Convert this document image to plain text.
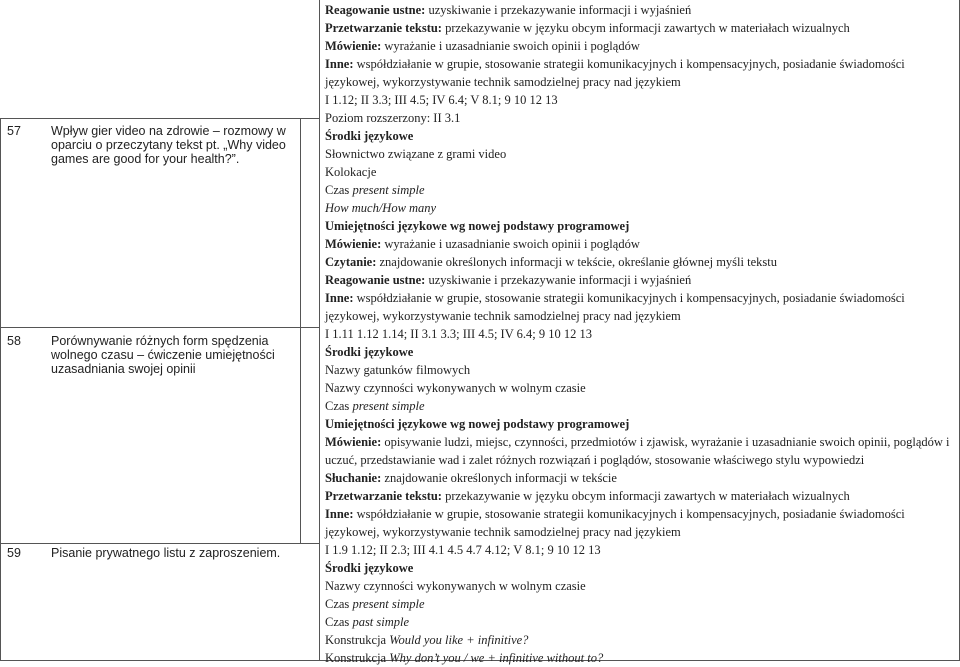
57 Wpływ gier video na zdrowie – rozmowy w oparciu o przeczytany tekst pt. „Why video games are good for your health?”.
58 Porównywanie różnych form spędzenia wolnego czasu – ćwiczenie umiejętności uzasadniania swojej opinii
59 Pisanie prywatnego listu z zaproszeniem.
Reagowanie ustne: uzyskiwanie i przekazywanie informacji i wyjaśnień
Przetwarzanie tekstu: przekazywanie w języku obcym informacji zawartych w materiałach wizualnych
Mówienie: wyrażanie i uzasadnianie swoich opinii i poglądów
Inne: współdziałanie w grupie, stosowanie strategii komunikacyjnych i kompensacyjnych, posiadanie świadomości językowej, wykorzystywanie technik samodzielnej pracy nad językiem
I 1.12; II 3.3; III 4.5; IV 6.4; V 8.1; 9 10 12 13
Poziom rozszerzony: II 3.1
Środki językowe
Słownictwo związane z grami video
Kolokacje
Czas present simple
How much/How many
Umiejętności językowe wg nowej podstawy programowej
Mówienie: wyrażanie i uzasadnianie swoich opinii i poglądów
Czytanie: znajdowanie określonych informacji w tekście, określanie głównej myśli tekstu
Reagowanie ustne: uzyskiwanie i przekazywanie informacji i wyjaśnień
Inne: współdziałanie w grupie, stosowanie strategii komunikacyjnych i kompensacyjnych, posiadanie świadomości językowej, wykorzystywanie technik samodzielnej pracy nad językiem
I 1.11 1.12 1.14; II 3.1 3.3; III 4.5; IV 6.4; 9 10 12 13
Środki językowe
Nazwy gatunków filmowych
Nazwy czynności wykonywanych w wolnym czasie
Czas present simple
Umiejętności językowe wg nowej podstawy programowej
Mówienie: opisywanie ludzi, miejsc, czynności, przedmiotów i zjawisk, wyrażanie i uzasadnianie swoich opinii, poglądów i uczuć, przedstawianie wad i zalet różnych rozwiązań i poglądów, stosowanie właściwego stylu wypowiedzi
Słuchanie: znajdowanie określonych informacji w tekście
Przetwarzanie tekstu: przekazywanie w języku obcym informacji zawartych w materiałach wizualnych
Inne: współdziałanie w grupie, stosowanie strategii komunikacyjnych i kompensacyjnych, posiadanie świadomości językowej, wykorzystywanie technik samodzielnej pracy nad językiem
I 1.9 1.12; II 2.3; III 4.1 4.5 4.7 4.12; V 8.1; 9 10 12 13
Środki językowe
Nazwy czynności wykonywanych w wolnym czasie
Czas present simple
Czas past simple
Konstrukcja Would you like + infinitive?
Konstrukcja Why don’t you / we + infinitive without to?
